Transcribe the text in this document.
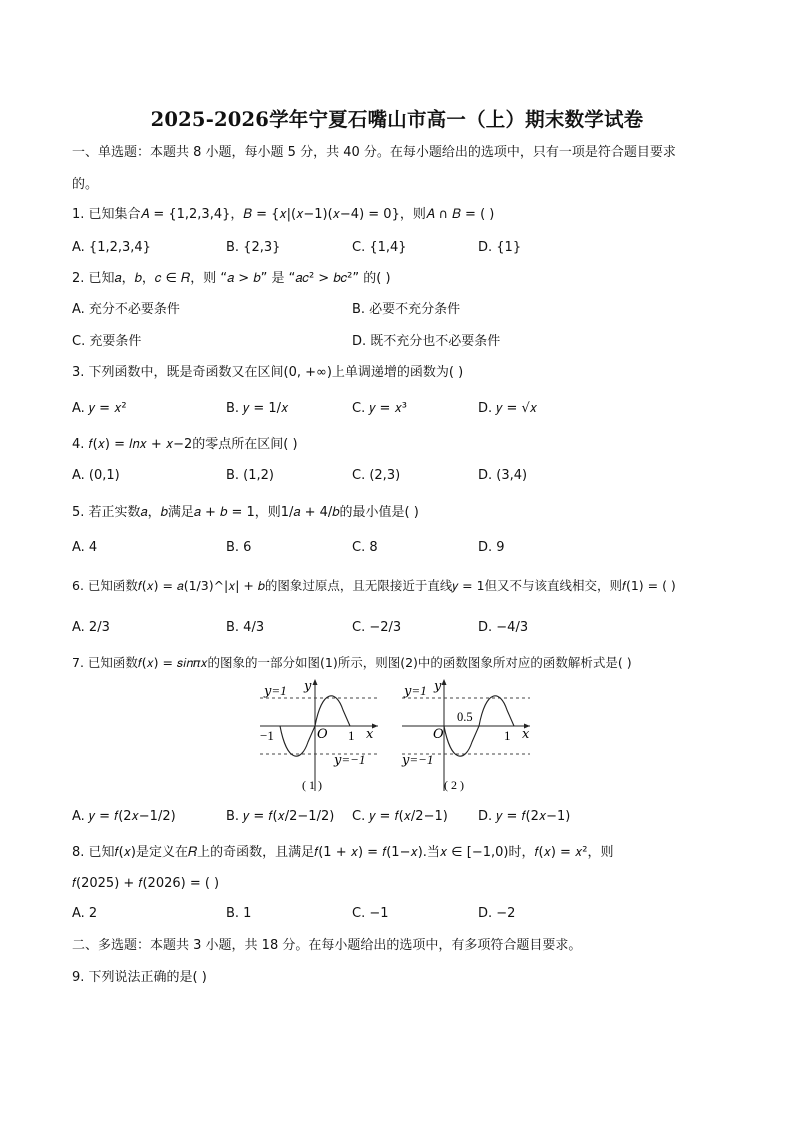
2025-2026学年宁夏石嘴山市高一（上）期末数学试卷
一、单选题：本题共 8 小题，每小题 5 分，共 40 分。在每小题给出的选项中，只有一项是符合题目要求
的。
1. 已知集合𝐴 = {1,2,3,4}，𝐵 = {𝑥|(𝑥−1)(𝑥−4) = 0}，则𝐴 ∩ 𝐵 = ( )
A. {1,2,3,4}	B. {2,3}	C. {1,4}	D. {1}
2. 已知𝑎，𝑏，𝑐 ∈ 𝑅，则 “𝑎 > 𝑏” 是 “𝑎𝑐² > 𝑏𝑐²” 的( )
A. 充分不必要条件	B. 必要不充分条件
C. 充要条件	D. 既不充分也不必要条件
3. 下列函数中，既是奇函数又在区间(0, +∞)上单调递增的函数为( )
A. 𝑦 = 𝑥²	B. 𝑦 = 1/𝑥	C. 𝑦 = 𝑥³	D. 𝑦 = √𝑥
4. 𝑓(𝑥) = 𝑙𝑛𝑥 + 𝑥−2的零点所在区间( )
A. (0,1)	B. (1,2)	C. (2,3)	D. (3,4)
5. 若正实数𝑎，𝑏满足𝑎 + 𝑏 = 1，则1/𝑎 + 4/𝑏的最小值是( )
A. 4	B. 6	C. 8	D. 9
6. 已知函数𝑓(𝑥) = 𝑎(1/3)^|𝑥| + 𝑏的图象过原点，且无限接近于直线𝑦 = 1但又不与该直线相交，则𝑓(1) = ( )
A. 2/3	B. 4/3	C. −2/3	D. −4/3
7. 已知函数𝑓(𝑥) = 𝑠𝑖𝑛𝜋𝑥的图象的一部分如图(1)所示，则图(2)中的函数图象所对应的函数解析式是( )
𝑦=1 𝑦
𝑥
𝑂 1
−1
𝑦=−1
( 1 )
𝑦=1 𝑦
0.5
𝑥
𝑂	1
𝑦=−1
( 2 )
A. 𝑦 = 𝑓(2𝑥−1/2)	B. 𝑦 = 𝑓(𝑥/2−1/2) C. 𝑦 = 𝑓(𝑥/2−1) D. 𝑦 = 𝑓(2𝑥−1)
8. 已知𝑓(𝑥)是定义在𝑅上的奇函数，且满足𝑓(1 + 𝑥) = 𝑓(1−𝑥).当𝑥 ∈ [−1,0)时，𝑓(𝑥) = 𝑥²，则
𝑓(2025) + 𝑓(2026) = ( )
A. 2	B. 1	C. −1	D. −2
二、多选题：本题共 3 小题，共 18 分。在每小题给出的选项中，有多项符合题目要求。
9. 下列说法正确的是( )
